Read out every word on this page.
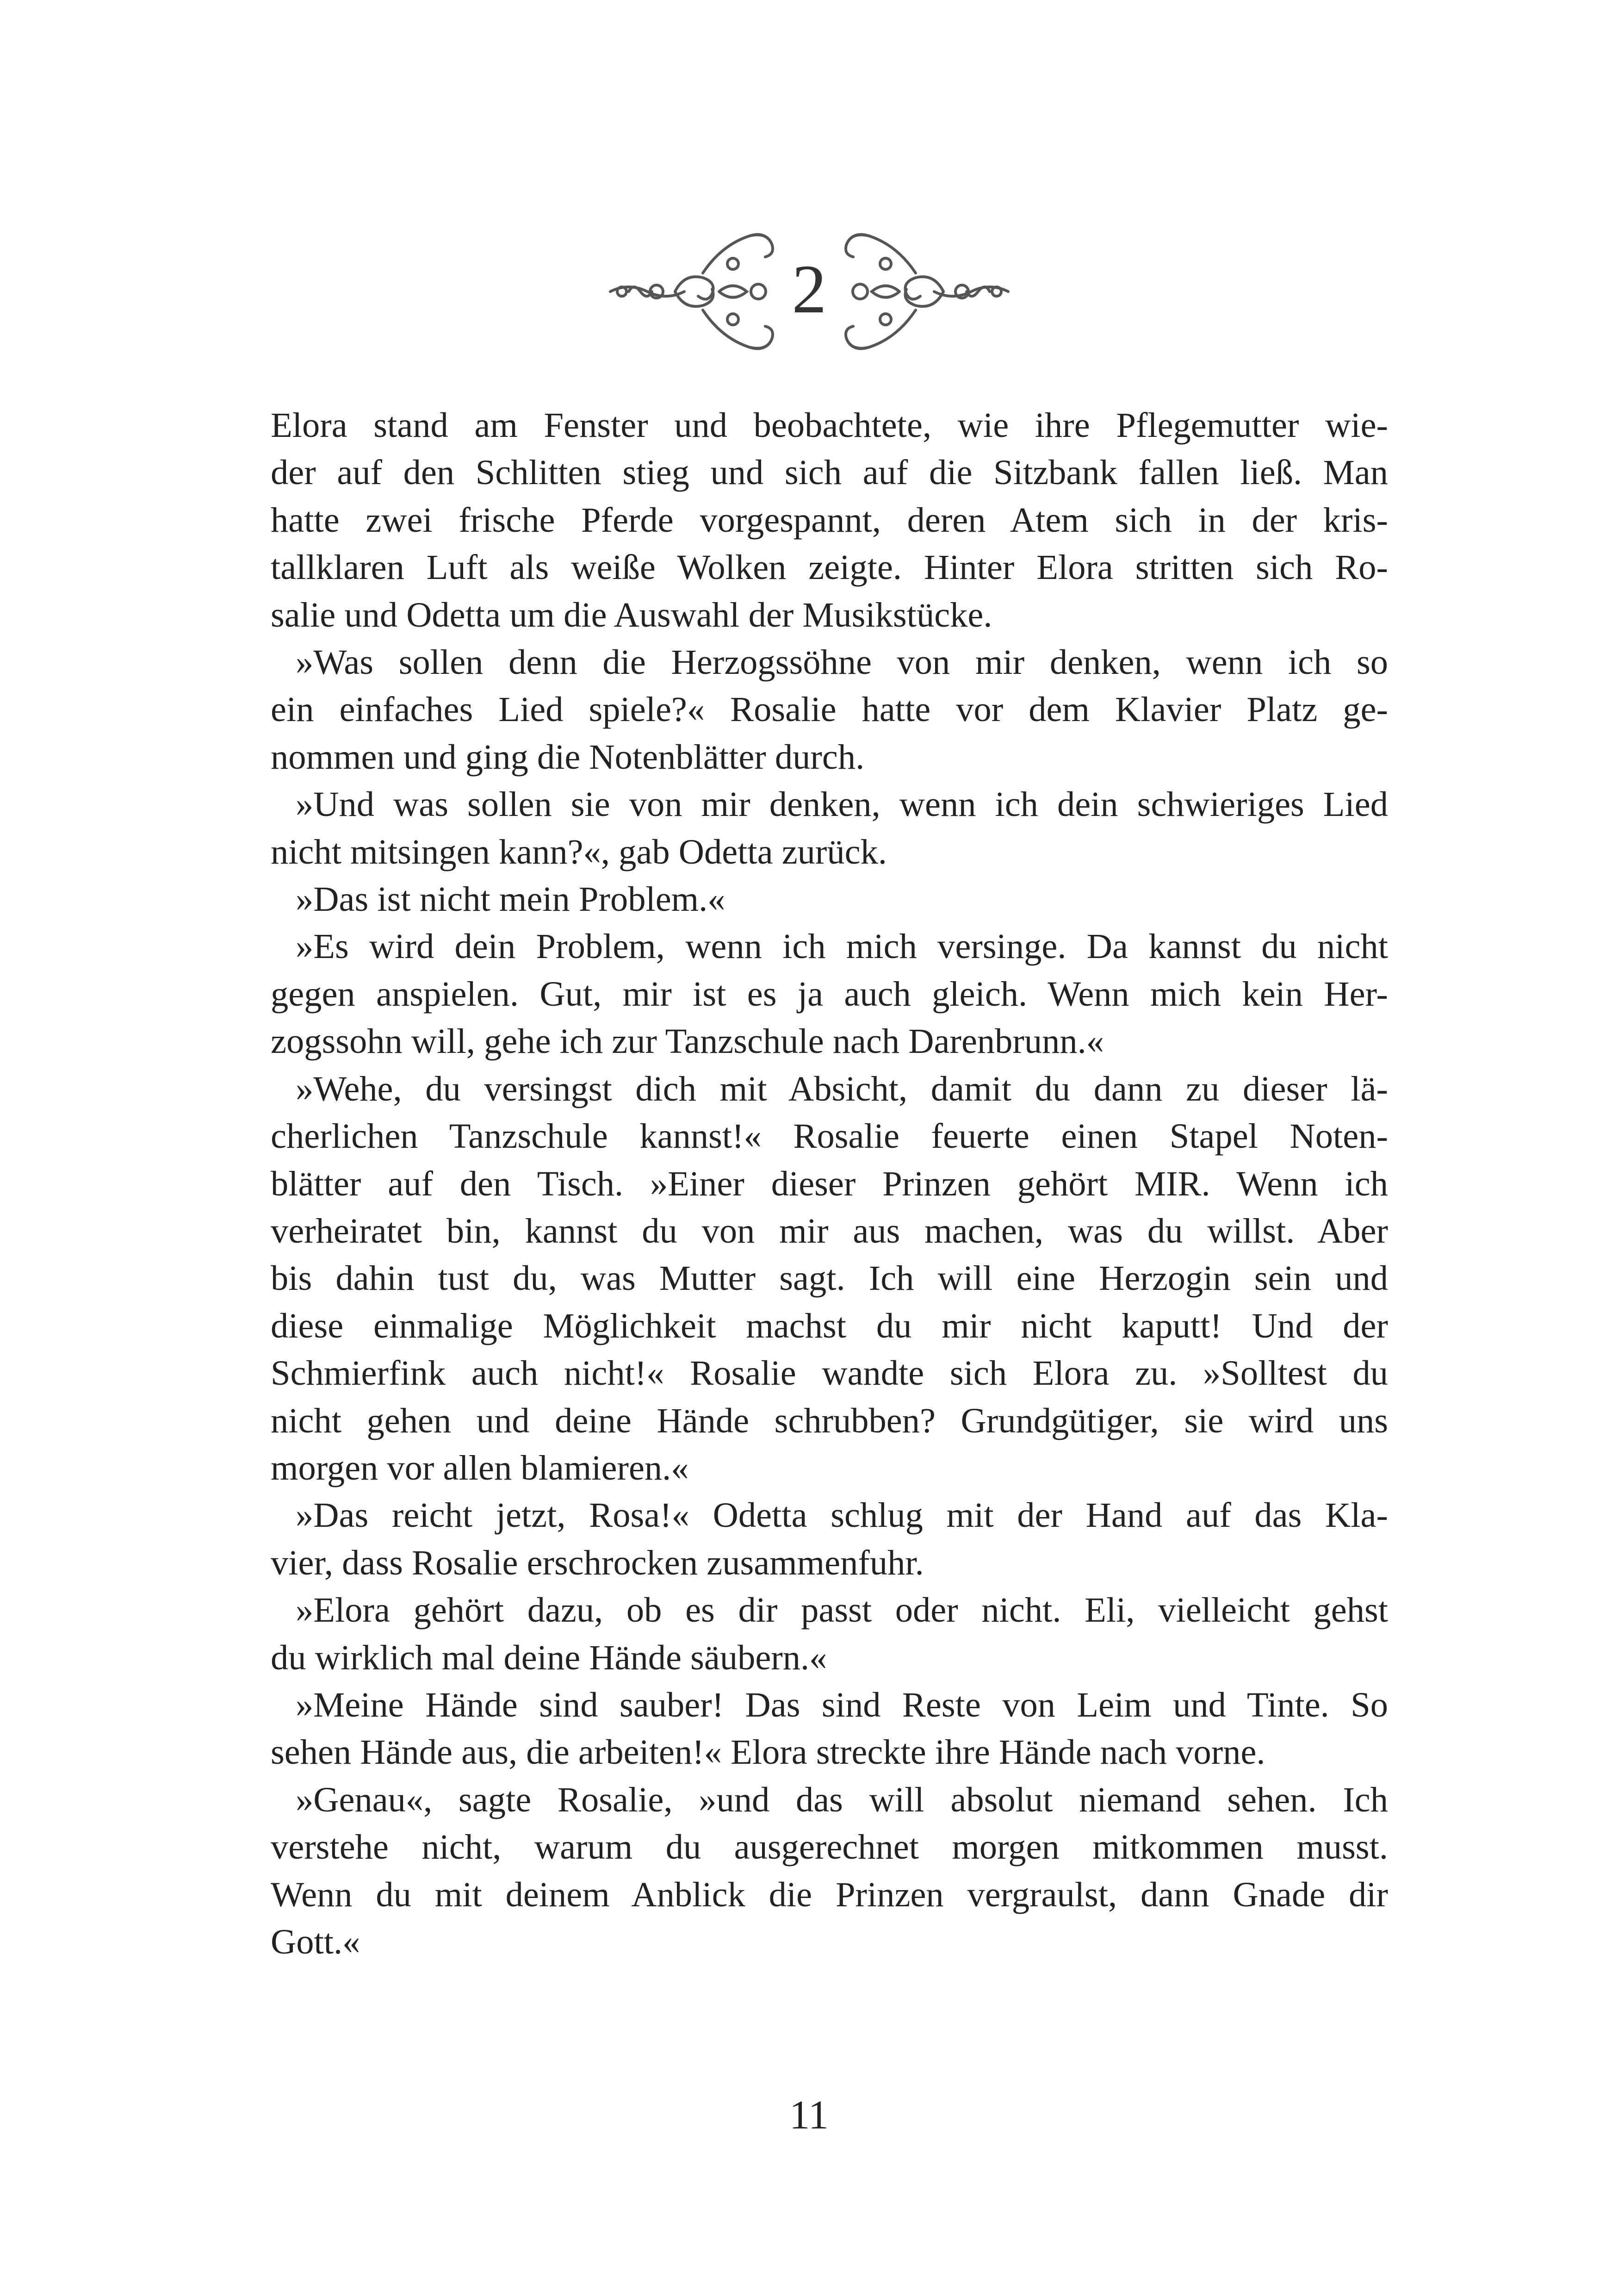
2

Elora stand am Fenster und beobachtete, wie ihre Pflegemutter wie-
der auf den Schlitten stieg und sich auf die Sitzbank fallen ließ. Man
hatte zwei frische Pferde vorgespannt, deren Atem sich in der kris-
tallklaren Luft als weiße Wolken zeigte. Hinter Elora stritten sich Ro-
salie und Odetta um die Auswahl der Musikstücke.

»Was sollen denn die Herzogssöhne von mir denken, wenn ich so
ein einfaches Lied spiele?« Rosalie hatte vor dem Klavier Platz ge-
nommen und ging die Notenblätter durch.

»Und was sollen sie von mir denken, wenn ich dein schwieriges Lied
nicht mitsingen kann?«, gab Odetta zurück.

»Das ist nicht mein Problem.«

»Es wird dein Problem, wenn ich mich versinge. Da kannst du nicht
gegen anspielen. Gut, mir ist es ja auch gleich. Wenn mich kein Her-
zogssohn will, gehe ich zur Tanzschule nach Darenbrunn.«

»Wehe, du versingst dich mit Absicht, damit du dann zu dieser lä-
cherlichen Tanzschule kannst!« Rosalie feuerte einen Stapel Noten-
blätter auf den Tisch. »Einer dieser Prinzen gehört MIR. Wenn ich
verheiratet bin, kannst du von mir aus machen, was du willst. Aber
bis dahin tust du, was Mutter sagt. Ich will eine Herzogin sein und
diese einmalige Möglichkeit machst du mir nicht kaputt! Und der
Schmierfink auch nicht!« Rosalie wandte sich Elora zu. »Solltest du
nicht gehen und deine Hände schrubben? Grundgütiger, sie wird uns
morgen vor allen blamieren.«

»Das reicht jetzt, Rosa!« Odetta schlug mit der Hand auf das Kla-
vier, dass Rosalie erschrocken zusammenfuhr.

»Elora gehört dazu, ob es dir passt oder nicht. Eli, vielleicht gehst
du wirklich mal deine Hände säubern.«

»Meine Hände sind sauber! Das sind Reste von Leim und Tinte. So
sehen Hände aus, die arbeiten!« Elora streckte ihre Hände nach vorne.

»Genau«, sagte Rosalie, »und das will absolut niemand sehen. Ich
verstehe nicht, warum du ausgerechnet morgen mitkommen musst.
Wenn du mit deinem Anblick die Prinzen vergraulst, dann Gnade dir
Gott.«

11
